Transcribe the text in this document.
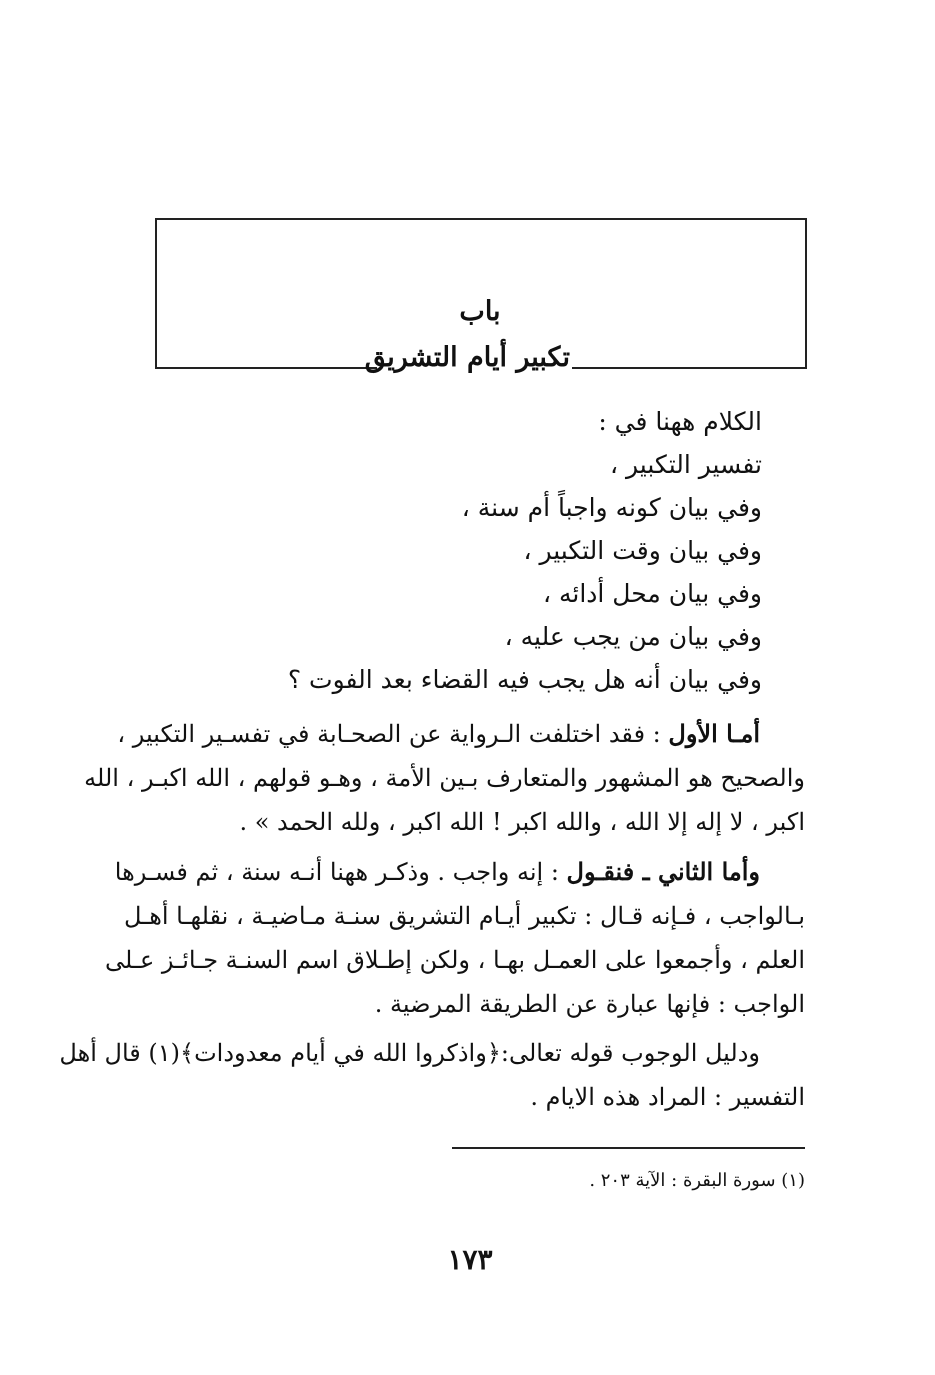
باب
تكبير أيام التشريق
الكلام ههنا في :
تفسير التكبير ،
وفي بيان كونه واجباً أم سنة ،
وفي بيان وقت التكبير ،
وفي بيان محل أدائه ،
وفي بيان من يجب عليه ،
وفي بيان أنه هل يجب فيه القضاء بعد الفوت ؟
أمـا الأول : فقد اختلفت الـرواية عن الصحـابة في تفسـير التكبير ،
والصحيح هو المشهور والمتعارف بـين الأمة ، وهـو قولهم ، الله اكبـر ، الله
اكبر ، لا إله إلا الله ، والله اكبر ! الله اكبر ، ولله الحمد » .
وأما الثاني ـ فنقـول : إنه واجب . وذكـر ههنا أنـه سنة ، ثم فسـرها
بـالواجب ، فـإنه قـال : تكبير أيـام التشريق سنـة مـاضيـة ، نقلهـا أهـل
العلم ، وأجمعوا على العمـل بهـا ، ولكن إطـلاق اسم السنـة جـائـز عـلى
الواجب : فإنها عبارة عن الطريقة المرضية .
ودليل الوجوب قوله تعالى:﴿واذكروا الله في أيام معدودات﴾(١) قال أهل
التفسير : المراد هذه الايام .
(١) سورة البقرة : الآية ٢٠٣ .
١٧٣
